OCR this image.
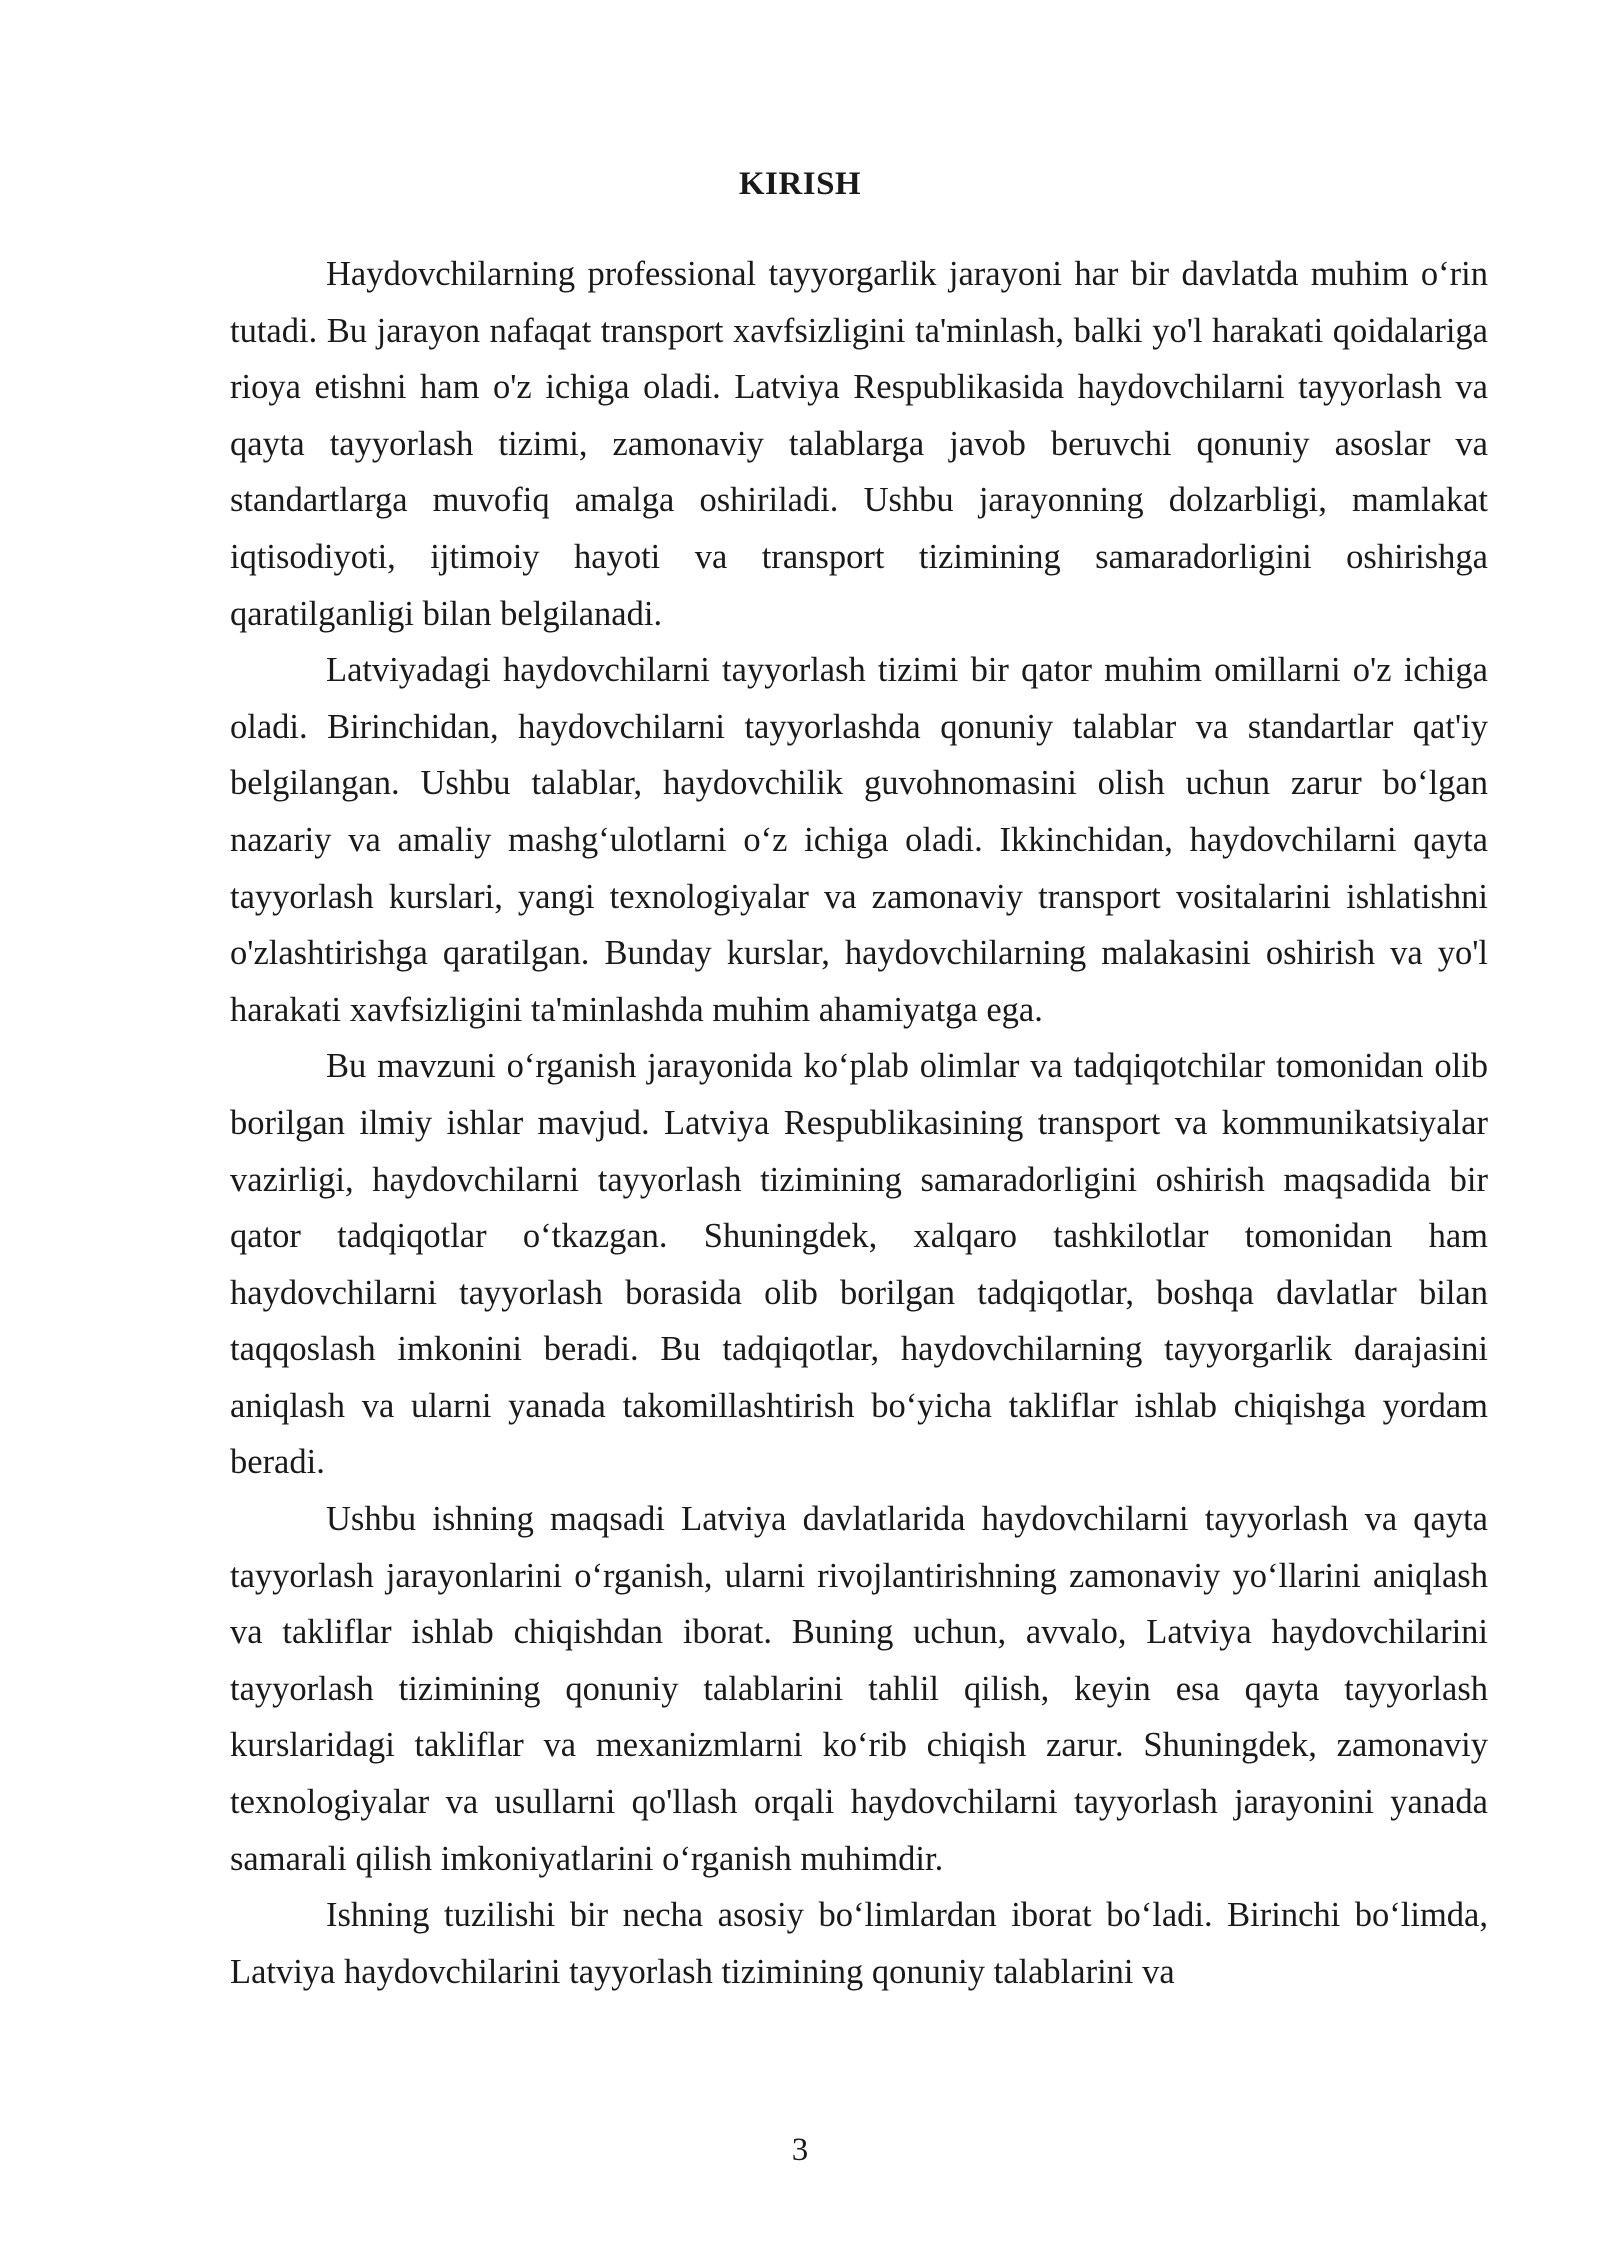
KIRISH

Haydovchilarning professional tayyorgarlik jarayoni har bir davlatda muhim o‘rin tutadi. Bu jarayon nafaqat transport xavfsizligini ta'minlash, balki yo'l harakati qoidalariga rioya etishni ham o'z ichiga oladi. Latviya Respublikasida haydovchilarni tayyorlash va qayta tayyorlash tizimi, zamonaviy talablarga javob beruvchi qonuniy asoslar va standartlarga muvofiq amalga oshiriladi. Ushbu jarayonning dolzarbligi, mamlakat iqtisodiyoti, ijtimoiy hayoti va transport tizimining samaradorligini oshirishga qaratilganligi bilan belgilanadi.

Latviyadagi haydovchilarni tayyorlash tizimi bir qator muhim omillarni o'z ichiga oladi. Birinchidan, haydovchilarni tayyorlashda qonuniy talablar va standartlar qat'iy belgilangan. Ushbu talablar, haydovchilik guvohnomasini olish uchun zarur bo‘lgan nazariy va amaliy mashg‘ulotlarni o‘z ichiga oladi. Ikkinchidan, haydovchilarni qayta tayyorlash kurslari, yangi texnologiyalar va zamonaviy transport vositalarini ishlatishni o'zlashtirishga qaratilgan. Bunday kurslar, haydovchilarning malakasini oshirish va yo'l harakati xavfsizligini ta'minlashda muhim ahamiyatga ega.

Bu mavzuni o‘rganish jarayonida ko‘plab olimlar va tadqiqotchilar tomonidan olib borilgan ilmiy ishlar mavjud. Latviya Respublikasining transport va kommunikatsiyalar vazirligi, haydovchilarni tayyorlash tizimining samaradorligini oshirish maqsadida bir qator tadqiqotlar o‘tkazgan. Shuningdek, xalqaro tashkilotlar tomonidan ham haydovchilarni tayyorlash borasida olib borilgan tadqiqotlar, boshqa davlatlar bilan taqqoslash imkonini beradi. Bu tadqiqotlar, haydovchilarning tayyorgarlik darajasini aniqlash va ularni yanada takomillashtirish bo‘yicha takliflar ishlab chiqishga yordam beradi.

Ushbu ishning maqsadi Latviya davlatlarida haydovchilarni tayyorlash va qayta tayyorlash jarayonlarini o‘rganish, ularni rivojlantirishning zamonaviy yo‘llarini aniqlash va takliflar ishlab chiqishdan iborat. Buning uchun, avvalo, Latviya haydovchilarini tayyorlash tizimining qonuniy talablarini tahlil qilish, keyin esa qayta tayyorlash kurslaridagi takliflar va mexanizmlarni ko‘rib chiqish zarur. Shuningdek, zamonaviy texnologiyalar va usullarni qo'llash orqali haydovchilarni tayyorlash jarayonini yanada samarali qilish imkoniyatlarini o‘rganish muhimdir.

Ishning tuzilishi bir necha asosiy bo‘limlardan iborat bo‘ladi. Birinchi bo‘limda, Latviya haydovchilarini tayyorlash tizimining qonuniy talablarini va

3
